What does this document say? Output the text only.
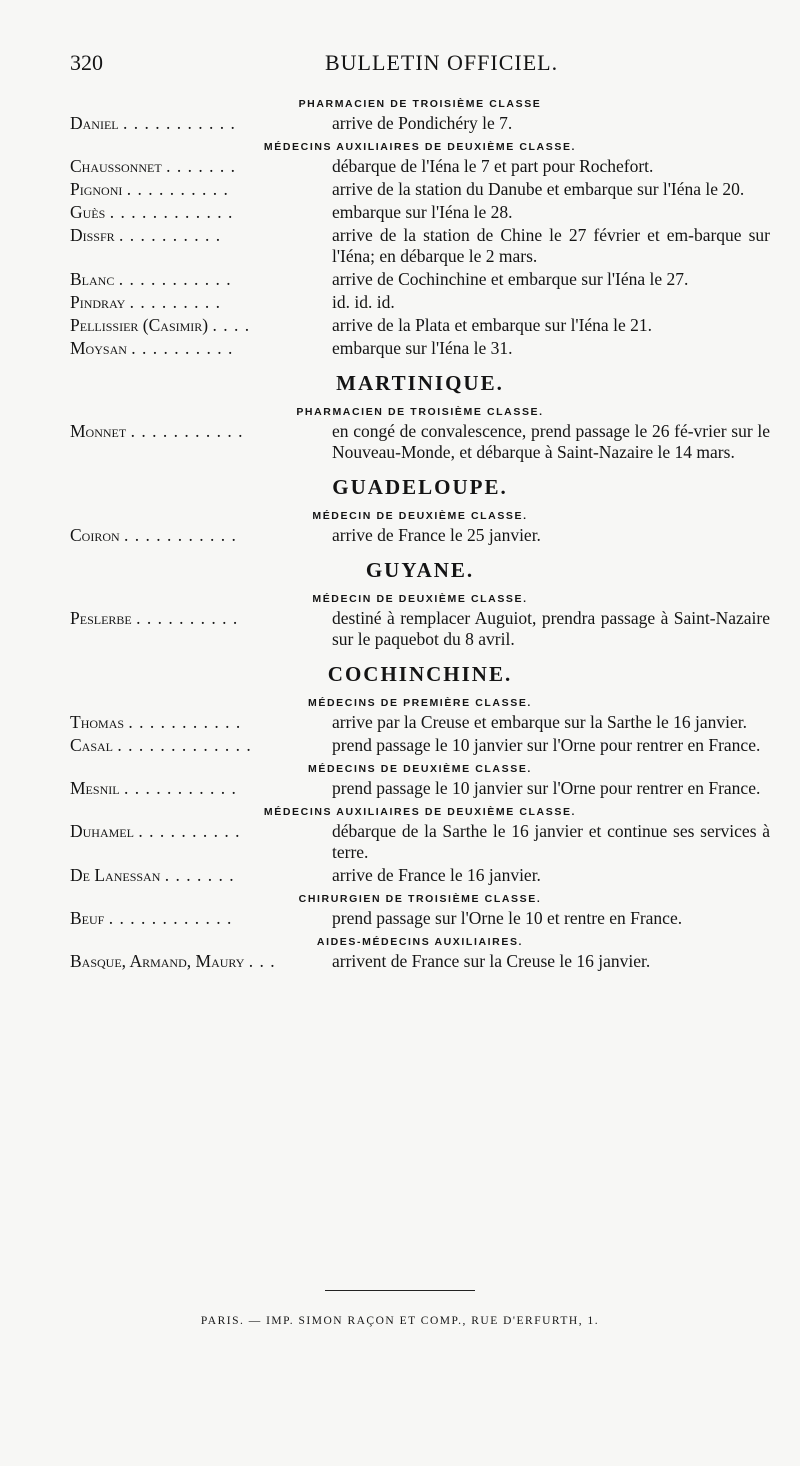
320	BULLETIN OFFICIEL.
PHARMACIEN DE TROISIÈME CLASSE
Daniel . . . . . . . . . . .	arrive de Pondichéry le 7.
MÉDECINS AUXILIAIRES DE DEUXIÈME CLASSE.
Chaussonnet . . . . . . .	débarque de l'Iéna le 7 et part pour Rochefort.
Pignoni . . . . . . . . . .	arrive de la station du Danube et embarque sur l'Iéna le 20.
Guès . . . . . . . . . . . .	embarque sur l'Iéna le 28.
Dissfr . . . . . . . . . .	arrive de la station de Chine le 27 février et em-barque sur l'Iéna; en débarque le 2 mars.
Blanc . . . . . . . . . . .	arrive de Cochinchine et embarque sur l'Iéna le 27.
Pindray . . . . . . . . .	id. id. id.
Pellissier (Casimir) . . . .	arrive de la Plata et embarque sur l'Iéna le 21.
Moysan . . . . . . . . . .	embarque sur l'Iéna le 31.
MARTINIQUE.
PHARMACIEN DE TROISIÈME CLASSE.
Monnet . . . . . . . . . . .	en congé de convalescence, prend passage le 26 fé-vrier sur le Nouveau-Monde, et débarque à Saint-Nazaire le 14 mars.
GUADELOUPE.
MÉDECIN DE DEUXIÈME CLASSE.
Coiron . . . . . . . . . . .	arrive de France le 25 janvier.
GUYANE.
MÉDECIN DE DEUXIÈME CLASSE.
Peslerbe . . . . . . . . . .	destiné à remplacer Auguiot, prendra passage à Saint-Nazaire sur le paquebot du 8 avril.
COCHINCHINE.
MÉDECINS DE PREMIÈRE CLASSE.
Thomas . . . . . . . . . . .	arrive par la Creuse et embarque sur la Sarthe le 16 janvier.
Casal . . . . . . . . . . . . .	prend passage le 10 janvier sur l'Orne pour rentrer en France.
MÉDECINS DE DEUXIÈME CLASSE.
Mesnil . . . . . . . . . . .	prend passage le 10 janvier sur l'Orne pour rentrer en France.
MÉDECINS AUXILIAIRES DE DEUXIÈME CLASSE.
Duhamel . . . . . . . . . .	débarque de la Sarthe le 16 janvier et continue ses services à terre.
De Lanessan . . . . . . .	arrive de France le 16 janvier.
CHIRURGIEN DE TROISIÈME CLASSE.
Beuf . . . . . . . . . . . .	prend passage sur l'Orne le 10 et rentre en France.
AIDES-MÉDECINS AUXILIAIRES.
Basque, Armand, Maury . . .	arrivent de France sur la Creuse le 16 janvier.
PARIS. — IMP. SIMON RAÇON ET COMP., RUE D'ERFURTH, 1.
